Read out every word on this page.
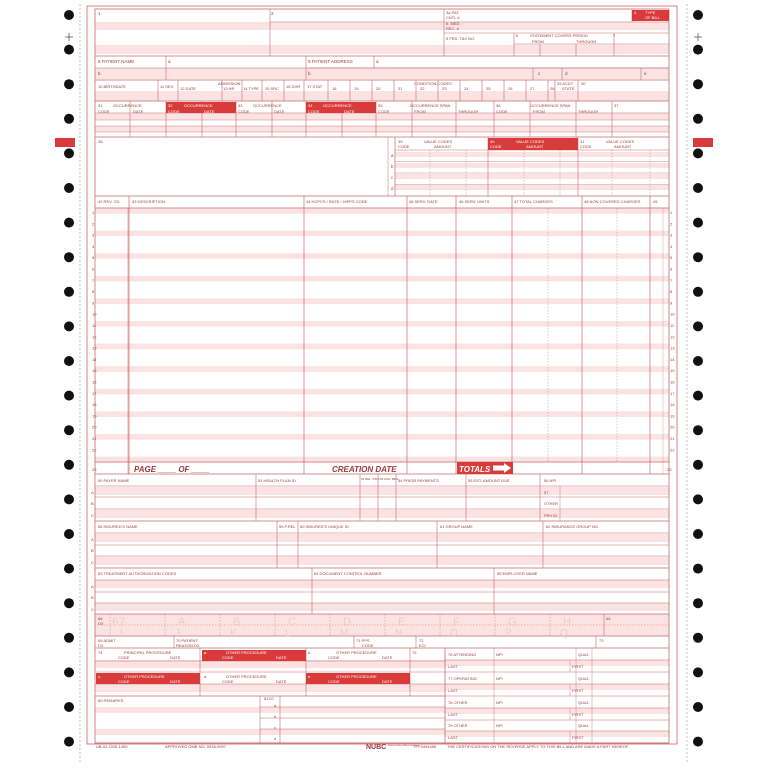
1	2	3a PAT.
CNTL #
b. MED.
REC. #
4 TYPE
OF BILL
5 FED. TAX NO.
6	STATEMENT COVERS PERIOD
FROM	THROUGH
7
8 PATIENT NAME	a	9 PATIENT ADDRESS	a
b	b	c	d	e
10 BIRTHDATE	11 SEX
ADMISSION
12 DATE	13 HR 14 TYPE 15 SRC 16 DHR 17 STAT
CONDITION CODES
18	19	20	21	22	23	24	25	26	27	28
29 ACDT
STATE
30
31	OCCURRENCE
CODE	DATE
32	OCCURRENCE
CODE	DATE
33	OCCURRENCE
CODE	DATE
34	OCCURRENCE
CODE	DATE
35	OCCURRENCE SPAN
CODE	FROM	THROUGH
36	OCCURRENCE SPAN
CODE	FROM	THROUGH
37
38	39	VALUE CODES
CODE	AMOUNT
40	VALUE CODES
CODE	AMOUNT
41	VALUE CODES
CODE	AMOUNT
a
b
c
d
42 REV. CD.	43 DESCRIPTION	44 HCPCS / RATE / HIPPS CODE	45 SERV. DATE	46 SERV. UNITS	47 TOTAL CHARGES	48 NON-COVERED CHARGES	49
1	1
2	2
3	3
4	4
5	5
6	6
7	7
8	8
9	9
10	10
11	11
12	12
13	13
14	14
15	15
16	16
17	17
18	18
19	19
20	20
21	21
22	22
23	23
PAGE ____ OF ____	CREATION DATE	TOTALS
50 PAYER NAME	51 HEALTH PLAN ID	52 REL. INFO 53 ASG. BEN.
54 PRIOR PAYMENTS	55 EST. AMOUNT DUE	56 NPI
57
OTHER
PRV ID
A
B
C
58 INSURED'S NAME	59 P.REL 60 INSURED'S UNIQUE ID	61 GROUP NAME	62 INSURANCE GROUP NO.
A
B
C
63 TREATMENT AUTHORIZATION CODES	64 DOCUMENT CONTROL NUMBER	65 EMPLOYER NAME
A
B
C
66
DX 67	A	B	C	D	E	F	G	H
I	J	K	L	M	N	O	P	Q
68
69 ADMIT
DX
70 PATIENT
REASON DX
71 PPS
CODE
72
ECI
73
74	PRINCIPAL PROCEDURE
CODE	DATE
a.	OTHER PROCEDURE
CODE	DATE
b.	OTHER PROCEDURE
CODE	DATE
75
c.	OTHER PROCEDURE
CODE	DATE
d.	OTHER PROCEDURE
CODE	DATE
e.	OTHER PROCEDURE
CODE	DATE
76 ATTENDING	NPI	QUAL
LAST	FIRST
77 OPERATING	NPI	QUAL
LAST	FIRST
78 OTHER	NPI	QUAL
LAST	FIRST
79 OTHER	NPI	QUAL
LAST	FIRST
80 REMARKS	81CC
a
b
c
d
UB-04 CMS-1450	APPROVED OMB NO. 0938-0997	NUBC National Uniform Billing Committee
TFP3494485	THE CERTIFICATIONS ON THE REVERSE APPLY TO THIS BILL AND ARE MADE A PART HEREOF.
